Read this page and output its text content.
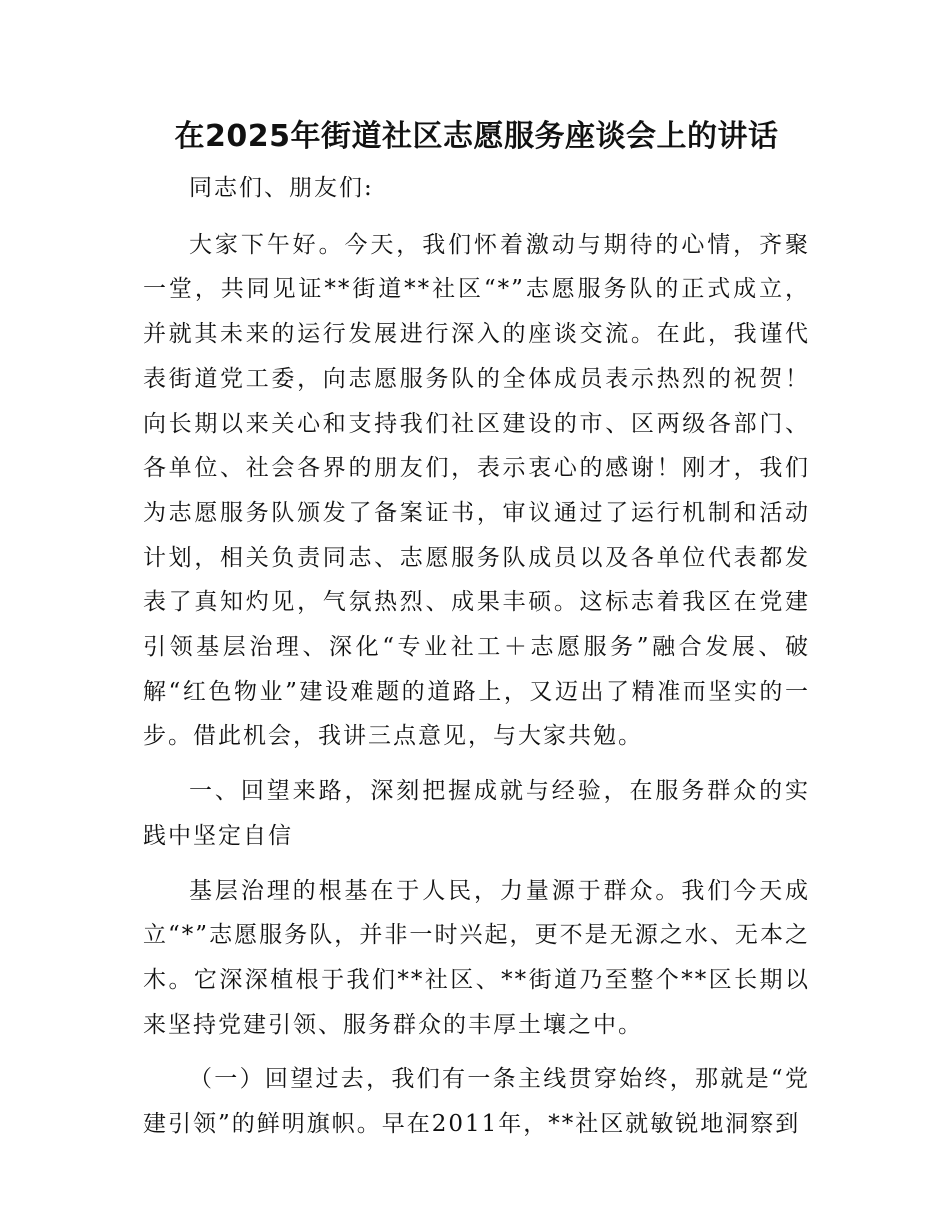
在2025年街道社区志愿服务座谈会上的讲话

同志们、朋友们:

大家下午好。今天，我们怀着激动与期待的心情，齐聚一堂，共同见证**街道**社区“*”志愿服务队的正式成立，并就其未来的运行发展进行深入的座谈交流。在此，我谨代表街道党工委，向志愿服务队的全体成员表示热烈的祝贺！向长期以来关心和支持我们社区建设的市、区两级各部门、各单位、社会各界的朋友们，表示衷心的感谢！刚才，我们为志愿服务队颁发了备案证书，审议通过了运行机制和活动计划，相关负责同志、志愿服务队成员以及各单位代表都发表了真知灼见，气氛热烈、成果丰硕。这标志着我区在党建引领基层治理、深化“专业社工＋志愿服务”融合发展、破解“红色物业”建设难题的道路上，又迈出了精准而坚实的一步。借此机会，我讲三点意见，与大家共勉。

一、回望来路，深刻把握成就与经验，在服务群众的实践中坚定自信

基层治理的根基在于人民，力量源于群众。我们今天成立“*”志愿服务队，并非一时兴起，更不是无源之水、无本之木。它深深植根于我们**社区、**街道乃至整个**区长期以来坚持党建引领、服务群众的丰厚土壤之中。

（一）回望过去，我们有一条主线贯穿始终，那就是“党建引领”的鲜明旗帜。早在2011年，**社区就敏锐地洞察到
